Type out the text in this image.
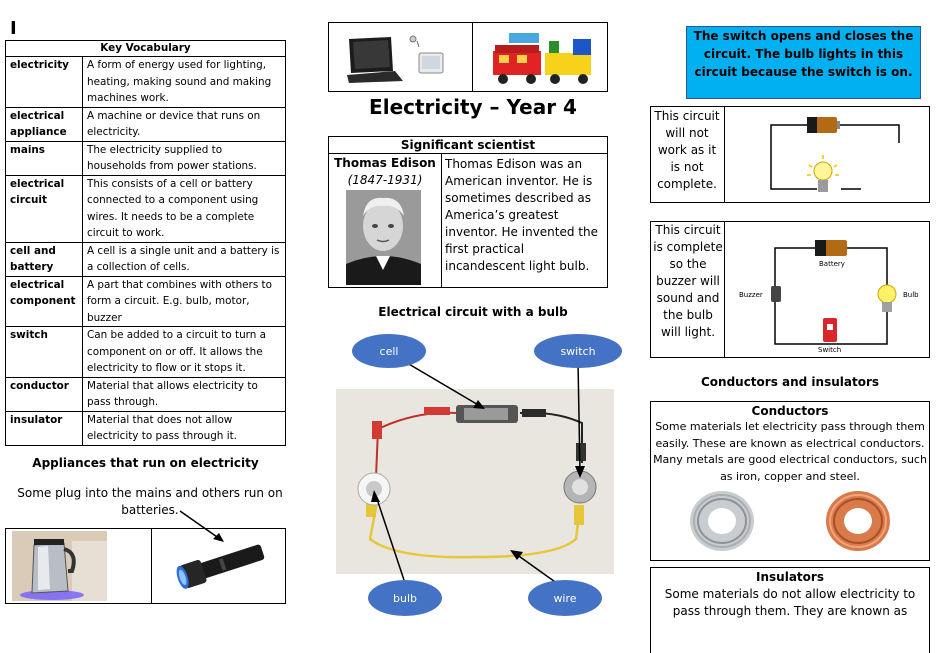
I
Key Vocabulary	
electricity	A form of energy used for lighting, heating, making sound and making machines work.
electrical appliance	A machine or device that runs on electricity.
mains	The electricity supplied to households from power stations.
electrical circuit	This consists of a cell or battery connected to a component using wires. It needs to be a complete circuit to work.
cell and battery	A cell is a single unit and a battery is a collection of cells.
electrical component	A part that combines with others to form a circuit. E.g. bulb, motor, buzzer
switch	Can be added to a circuit to turn a component on or off. It allows the electricity to flow or it stops it.
conductor	Material that allows electricity to pass through.
insulator	Material that does not allow electricity to pass through it.
Appliances that run on electricity
Some plug into the mains and others run on batteries.
Electricity – Year 4
Significant scientist
Thomas Edison
(1847-1931)
Thomas Edison was an American inventor. He is sometimes described as America’s greatest inventor. He invented the first practical incandescent light bulb.
Electrical circuit with a bulb
cell	switch
bulb	wire
The switch opens and closes the circuit. The bulb lights in this circuit because the switch is on.
This circuit will not work as it is not complete.
This circuit is complete so the buzzer will sound and the bulb will light.
Battery
Buzzer	Bulb
Switch
Conductors and insulators
Conductors
Some materials let electricity pass through them easily. These are known as electrical conductors. Many metals are good electrical conductors, such as iron, copper and steel.
Insulators
Some materials do not allow electricity to pass through them. They are known as
